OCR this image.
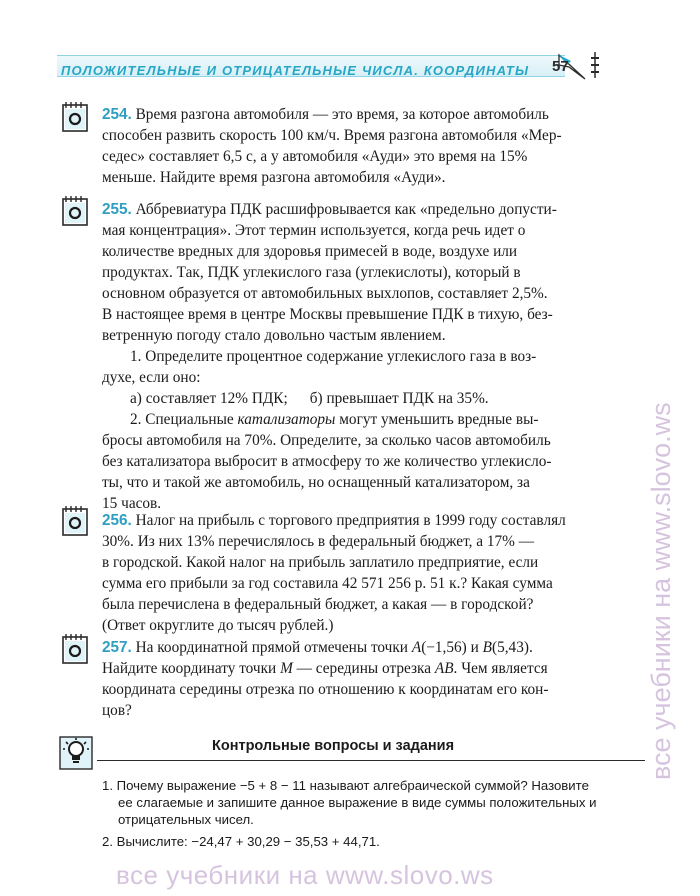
ПОЛОЖИТЕЛЬНЫЕ И ОТРИЦАТЕЛЬНЫЕ ЧИСЛА. КООРДИНАТЫ 57
254. Время разгона автомобиля — это время, за которое автомобиль
способен развить скорость 100 км/ч. Время разгона автомобиля «Мер-
седес» составляет 6,5 с, а у автомобиля «Ауди» это время на 15%
меньше. Найдите время разгона автомобиля «Ауди».
255. Аббревиатура ПДК расшифровывается как «предельно допусти-
мая концентрация». Этот термин используется, когда речь идет о
количестве вредных для здоровья примесей в воде, воздухе или
продуктах. Так, ПДК углекислого газа (углекислоты), который в
основном образуется от автомобильных выхлопов, составляет 2,5%.
В настоящее время в центре Москвы превышение ПДК в тихую, без-
ветренную погоду стало довольно частым явлением.
1. Определите процентное содержание углекислого газа в воз-
духе, если оно:
а) составляет 12% ПДК; б) превышает ПДК на 35%.
2. Специальные катализаторы могут уменьшить вредные вы-
бросы автомобиля на 70%. Определите, за сколько часов автомобиль
без катализатора выбросит в атмосферу то же количество углекисло-
ты, что и такой же автомобиль, но оснащенный катализатором, за
15 часов.
256. Налог на прибыль с торгового предприятия в 1999 году составлял
30%. Из них 13% перечислялось в федеральный бюджет, а 17% —
в городской. Какой налог на прибыль заплатило предприятие, если
сумма его прибыли за год составила 42 571 256 р. 51 к.? Какая сумма
была перечислена в федеральный бюджет, а какая — в городской?
(Ответ округлите до тысяч рублей.)
257. На координатной прямой отмечены точки A(−1,56) и B(5,43).
Найдите координату точки M — середины отрезка AB. Чем является
координата середины отрезка по отношению к координатам его кон-
цов?
Контрольные вопросы и задания
1. Почему выражение −5 + 8 − 11 называют алгебраической суммой? Назовите
ее слагаемые и запишите данное выражение в виде суммы положительных и
отрицательных чисел.
2. Вычислите: −24,47 + 30,29 − 35,53 + 44,71.
все учебники на www.slovo.ws
все учебники на www.slovo.ws
